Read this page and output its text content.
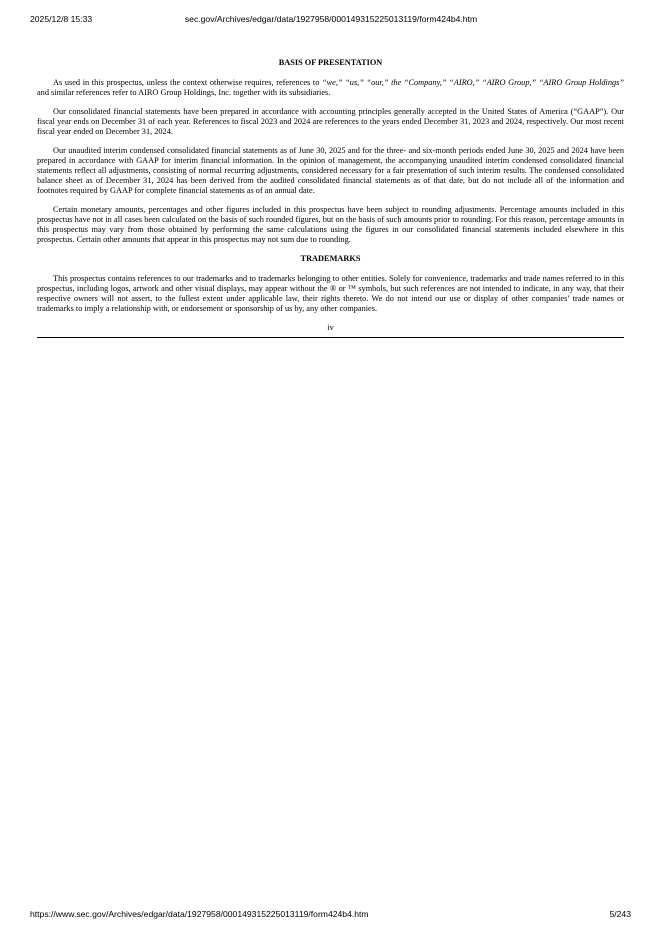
2025/12/8 15:33	sec.gov/Archives/edgar/data/1927958/000149315225013119/form424b4.htm
BASIS OF PRESENTATION

As used in this prospectus, unless the context otherwise requires, references to “we,” “us,” “our,” the “Company,” “AIRO,” “AIRO Group,” “AIRO Group Holdings” and similar references refer to AIRO Group Holdings, Inc. together with its subsidiaries.

Our consolidated financial statements have been prepared in accordance with accounting principles generally accepted in the United States of America (“GAAP”). Our fiscal year ends on December 31 of each year. References to fiscal 2023 and 2024 are references to the years ended December 31, 2023 and 2024, respectively. Our most recent fiscal year ended on December 31, 2024.

Our unaudited interim condensed consolidated financial statements as of June 30, 2025 and for the three- and six-month periods ended June 30, 2025 and 2024 have been prepared in accordance with GAAP for interim financial information. In the opinion of management, the accompanying unaudited interim condensed consolidated financial statements reflect all adjustments, consisting of normal recurring adjustments, considered necessary for a fair presentation of such interim results. The condensed consolidated balance sheet as of December 31, 2024 has been derived from the audited consolidated financial statements as of that date, but do not include all of the information and footnotes required by GAAP for complete financial statements as of an annual date.

Certain monetary amounts, percentages and other figures included in this prospectus have been subject to rounding adjustments. Percentage amounts included in this prospectus have not in all cases been calculated on the basis of such rounded figures, but on the basis of such amounts prior to rounding. For this reason, percentage amounts in this prospectus may vary from those obtained by performing the same calculations using the figures in our consolidated financial statements included elsewhere in this prospectus. Certain other amounts that appear in this prospectus may not sum due to rounding.

TRADEMARKS

This prospectus contains references to our trademarks and to trademarks belonging to other entities. Solely for convenience, trademarks and trade names referred to in this prospectus, including logos, artwork and other visual displays, may appear without the ® or ™ symbols, but such references are not intended to indicate, in any way, that their respective owners will not assert, to the fullest extent under applicable law, their rights thereto. We do not intend our use or display of other companies’ trade names or trademarks to imply a relationship with, or endorsement or sponsorship of us by, any other companies.

iv
https://www.sec.gov/Archives/edgar/data/1927958/000149315225013119/form424b4.htm	5/243
